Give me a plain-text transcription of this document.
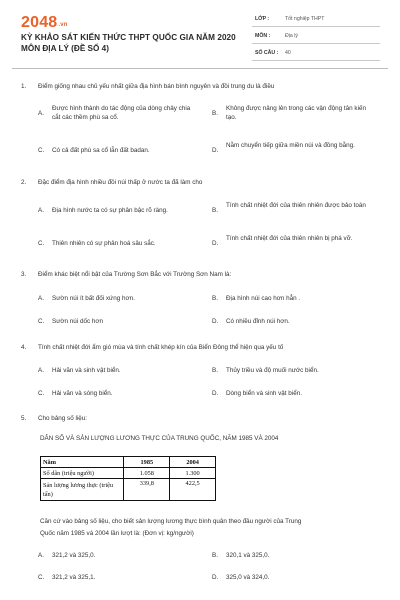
2048.vn
KỲ KHẢO SÁT KIẾN THỨC THPT QUỐC GIA NĂM 2020
MÔN ĐỊA LÝ (ĐỀ SỐ 4)
LỚP :	Tốt nghiệp THPT
MÔN :	Địa lý
SỐ CÂU : 40
1. Điểm giống nhau chủ yếu nhất giữa địa hình bán bình nguyên và đồi trung du là điều
A.
Được hình thành do tác động của dòng chảy chia cắt các thềm phù sa cổ.
B.
Không được nâng lên trong các vận động tân kiến tạo.
C. Có cả đất phù sa cổ lẫn đất badan.	D.
Nằm chuyển tiếp giữa miền núi và đồng bằng.
2. Đặc điểm địa hình nhiều đồi núi thấp ở nước ta đã làm cho
A. Địa hình nước ta có sự phân bậc rõ ràng.	B.
Tính chất nhiệt đới của thiên nhiên được bảo toàn
C. Thiên nhiên có sự phân hoá sâu sắc.	D.
Tính chất nhiệt đới của thiên nhiên bị phá vỡ.
3. Điểm khác biệt nổi bật của Trường Sơn Bắc với Trường Sơn Nam là:
A. Sườn núi ít bất đối xứng hơn.	B. Địa hình núi cao hơn hẳn .
C. Sườn núi dốc hơn	D. Có nhiều đỉnh núi hơn.
4. Tính chất nhiệt đới ẩm gió mùa và tính chất khép kín của Biển Đông thể hiện qua yếu tố
A. Hải văn và sinh vật biển.	B. Thủy triều và độ muối nước biển.
C. Hải văn và sóng biển.	D. Dòng biển và sinh vật biển.
5. Cho bảng số liệu:
DÂN SỐ VÀ SẢN LƯỢNG LƯƠNG THỰC CỦA TRUNG QUỐC, NĂM 1985 VÀ 2004
Năm	1985	2004
Số dân (triệu người)	1.058	1.300
Sản lượng lương thực (triệu tấn)	339,8	422,5
Căn cứ vào bảng số liệu, cho biết sản lượng lương thực bình quân theo đầu người của Trung
Quốc năm 1985 và 2004 lần lượt là: (Đơn vị: kg/người)
A. 321,2 và 325,0.	B. 320,1 và 325,0.
C. 321,2 và 325,1.	D. 325,0 và 324,0.
